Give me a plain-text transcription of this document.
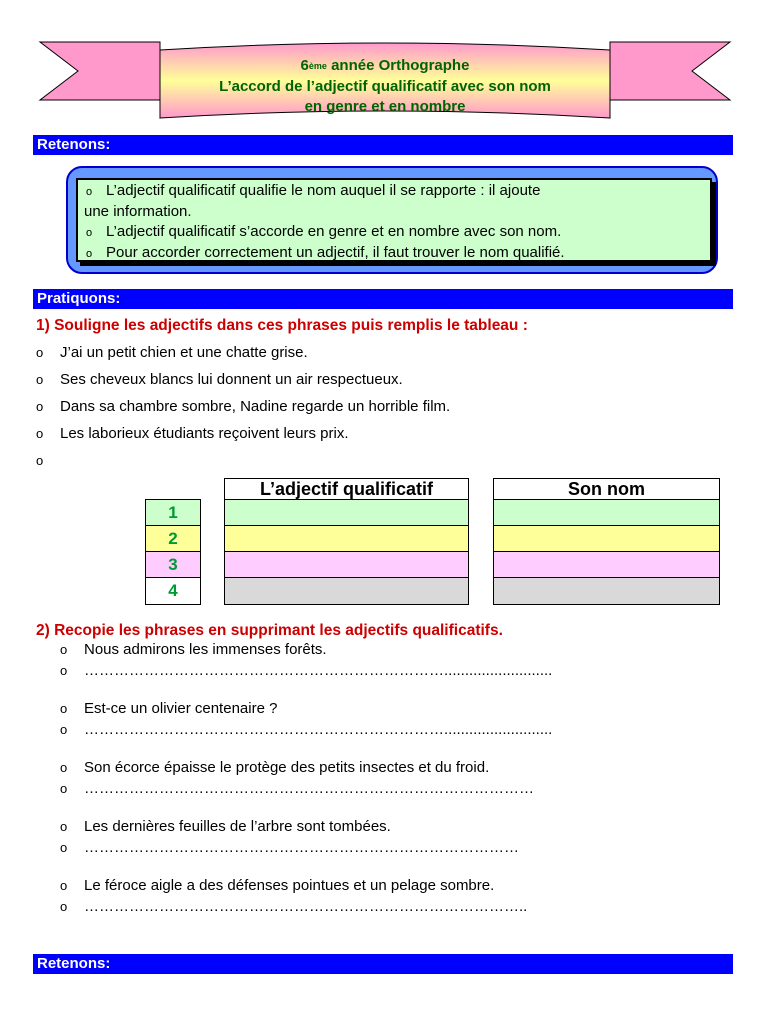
6ème année Orthographe
L’accord de l’adjectif qualificatif avec son nom
en genre et en nombre
Retenons:
o L’adjectif qualificatif qualifie le nom auquel il se rapporte : il ajoute
une information.
o L’adjectif qualificatif s’accorde en genre et en nombre avec son nom.
o Pour accorder correctement un adjectif, il faut trouver le nom qualifié.
Pratiquons:
1) Souligne les adjectifs dans ces phrases puis remplis le tableau :
o J’ai un petit chien et une chatte grise.
o Ses cheveux blancs lui donnent un air respectueux.
o Dans sa chambre sombre, Nadine regarde un horrible film.
o Les laborieux étudiants reçoivent leurs prix.
o
1
2
3
4
L’adjectif qualificatif	Son nom
2) Recopie les phrases en supprimant les adjectifs qualificatifs.
o Nous admirons les immenses forêts.
o ………………………………………………………………..........................
o Est-ce un olivier centenaire ?
o ………………………………………………………………..........................
o Son écorce épaisse le protège des petits insectes et du froid.
o ………………………………………………………………………………
o Les dernières feuilles de l’arbre sont tombées.
o ……………………………………………………………………………
o Le féroce aigle a des défenses pointues et un pelage sombre.
o ……………………………………………………………………………..
Retenons:
